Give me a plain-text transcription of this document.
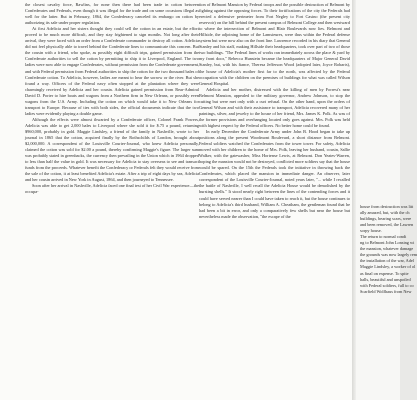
the closest cavalry force, Rawlins, for none then there had been trade in cotton between Confederates and Federals, even though it was illegal for the trade and on some occasions illegal as well for the latter. But in February, 1864, the Confederacy canceled its embargo on cotton by authorizing its sale under proper regulation.

At first Adelicia and her sisters thought they could sell the cotton in an estate, but the effort proved to be much more difficult, and they stay frightened to sign months. Not long after their arrival, they were faced with an order from a Confederate commander to destroy all cotton. Adelicia did not feel physically able to travel behind the Confederate lines to communicate this concern. But the cousin with a friend, who spoke, as possibly eight difficult trips, gained permission from the Confederate authorities to sell the cotton by permitting to ship it to Liverpool, England. The two ladies were now able to engage Confederates, without permission from the Confederate government, and with Federal permission from Federal authorities to ship the cotton for the two thousand bales of Confederate cotton. To Adelicia, however, ladies are meant to hear the sorrow or the river. But she found a way. Officers of the Federal navy often stopped at the plantation where they were charmingly received by Adelicia and her cousin. Adelicia gained permission from Rear-Admiral David D. Porter to hire boats and wagons from a Northern firm in New Orleans, or possibly even wagons from the U.S. Army. Including the cotton on which would take it to New Orleans for transport to Europe. Because of ties with both sides, the official documents indicate that the two ladies were evidently playing a double game.

Although the effects were almost thwarted by a Confederate officer, Colonel Frank Powers, Adelicia was able to get 2,000 bales to Liverpool where she sold it for $.75 a pound, returning $960,000, probably in gold. Maggie Lindsley, a friend of the family in Nashville, wrote to her journal in 1865 that the cotton, acquired finally by the Rothschilds of London, brought about $2,000,000. A correspondent of the Louisville Courier-Journal, who knew Adelicia personally, claimed the cotton was sold for $2.00 a pound, thereby confirming Maggie's figure. The larger sum was probably stated in greenbacks, the currency then prevailing in the Union which in 1964 dropped to less than half the value in gold. It was necessary for Adelicia to stay overseas to see and transact funds from the proceeds. Whatever benefit the Confederacy or Federals felt they would receive from the sale of the cotton, it at least benefited Adelicia's estate. After a trip of eight days by sea, Adelicia and her cousin arrived in New York in August, 1864, and then journeyed to Tennessee.

Soon after her arrival in Nashville, Adelicia faced one final test of her Civil War experience—the occupa-

tion of Belmont Mansion by Federal troops and the possible destruction of Belmont by fighting against the opposing forces. To their fortifications of the city the Federals had erected a defensive perimeter from Fort Negley to Fort Casino (the present city reservoir) on the hill behind the present campus of Belmont College and then westward to where the intersection of Belmont and Blair Boulevards now lies. Belmont and Hillside, the adjoining home of the Lamsieures, were thus within the Federal defense system but were now also on the front line. Lawrence recorded in his diary that General Stanley and his staff, making Hillside their headquarters, took over part of two of those two buildings. "The Federal lines of works ran immediately across the place & yard by my front door," Rebecca Hunstein became the headquarters of Major General David Stanley, but, with his fiance, Theresa Jefferson Wood (adopted later, Joyce Robarts), the house of Adelicia's mother first far to the north, was affected by the Federal occupation with the children on the premises of buildings for what was called Wilson General Hospital.

Adelicia and her mother, distressed with the killing of men by Forrest's near Belmont Mansion, appealed to the military governor, Andrew Johnson, to stop the cutting but were met only with a curt refusal. On the other hand, upon the orders of General Wilson and with their assistance to transport, Adelicia recovered many of her paintings, silver, and jewelry to the house of her friend, Mrs. James K. Polk. As was of the former provisions and overhanging located only goes against. Mrs. Polk was held with highest respect by the Federal officers. No better home could be found.

In early December the Confederate Army under John B. Hood began to take up positions along the present Woodmont Boulevard, a short distance from Belmont. Federal soldiers watched the Confederates from the tower tower. For safety, Adelicia moved with her children to the home of Mrs. Polk, leaving her husband, cousin, Sallie Walker, with the gatewasher, Miss Hortense Lewis, at Belmont. Don Yeates-Warren, hoping the mansion would not be destroyed, conflicted more soldiers say that the house would be spared. On the 15th the Federals took the initiative in throwing back the Confederates, which placed the mansion in immediate danger. An observer, later correspondent of the Louisville Courier-Journal, noted years later, "... while I recalled the battle of Nashville, I well recall the Adelicia House would be demolished by the bursting shells." It stood nearly right between the lines of the contending forces and it could have served nearer than I could have taken to reach it, but the house continues to belong to Adelicia's third husband, William A. Cheatham, the gentleman found that he had been a bit in error, and only a comparatively few shells but near the house but nevertheless made the observation, "the escape of the

house from destruction was litt

ally amazed, but, with the ch

buildings, bearing scars, were

and been removed, the Lawren

sorpy house.

The return to normal condi

ng to Belmont John Lonsing wi

the mansion, whatever damage

the grounds was now largely rem

the installation of the war, Adel

Maggie Lindsley, a worker of ol

as final on expense. To spite

halls, beautiful and unspoiled

with Federal soldiers, full to co

Scarfield Wolfhaus from New
